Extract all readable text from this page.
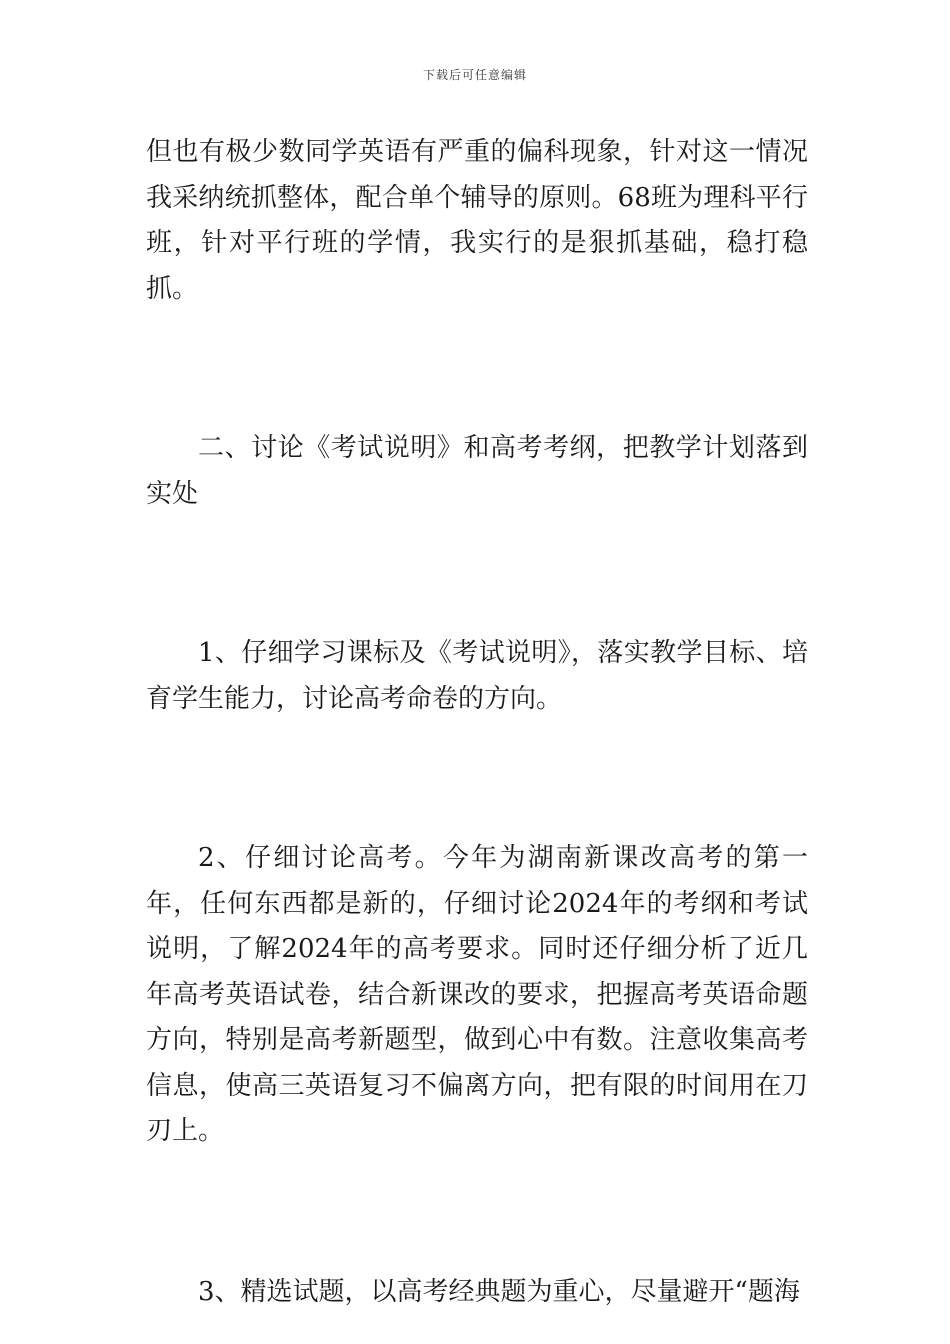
下载后可任意编辑

但也有极少数同学英语有严重的偏科现象，针对这一情况我采纳统抓整体，配合单个辅导的原则。68班为理科平行班，针对平行班的学情，我实行的是狠抓基础，稳打稳抓。

二、讨论《考试说明》和高考考纲，把教学计划落到实处

1、仔细学习课标及《考试说明》，落实教学目标、培育学生能力，讨论高考命卷的方向。

2、仔细讨论高考。今年为湖南新课改高考的第一年，任何东西都是新的，仔细讨论2024年的考纲和考试说明，了解2024年的高考要求。同时还仔细分析了近几年高考英语试卷，结合新课改的要求，把握高考英语命题方向，特别是高考新题型，做到心中有数。注意收集高考信息，使高三英语复习不偏离方向，把有限的时间用在刀刃上。

3、精选试题，以高考经典题为重心，尽量避开“题海
